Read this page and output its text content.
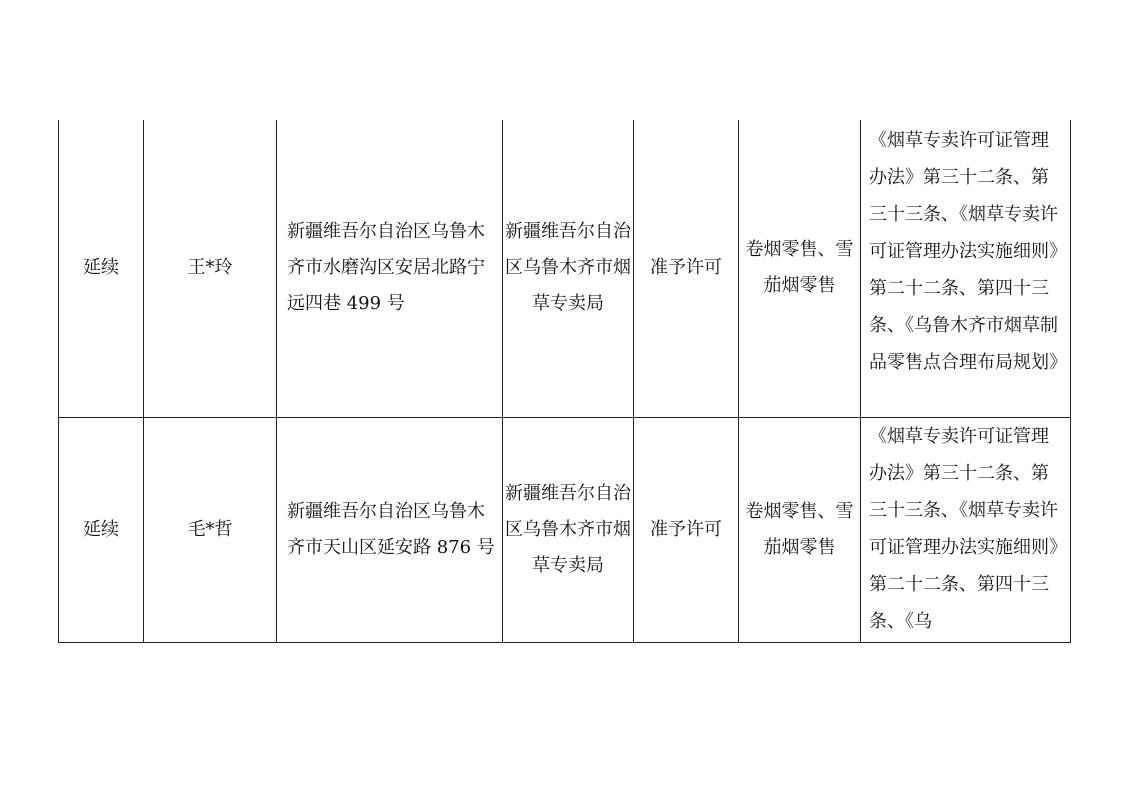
延续	王*玲	新疆维吾尔自治区乌鲁木齐市水磨沟区安居北路宁远四巷 499 号	新疆维吾尔自治区乌鲁木齐市烟草专卖局	准予许可	卷烟零售、雪茄烟零售	《烟草专卖许可证管理办法》第三十二条、第三十三条、《烟草专卖许可证管理办法实施细则》第二十二条、第四十三条、《乌鲁木齐市烟草制品零售点合理布局规划》

延续	毛*哲	新疆维吾尔自治区乌鲁木齐市天山区延安路 876 号	新疆维吾尔自治区乌鲁木齐市烟草专卖局	准予许可	卷烟零售、雪茄烟零售	《烟草专卖许可证管理办法》第三十二条、第三十三条、《烟草专卖许可证管理办法实施细则》第二十二条、第四十三条、《乌
